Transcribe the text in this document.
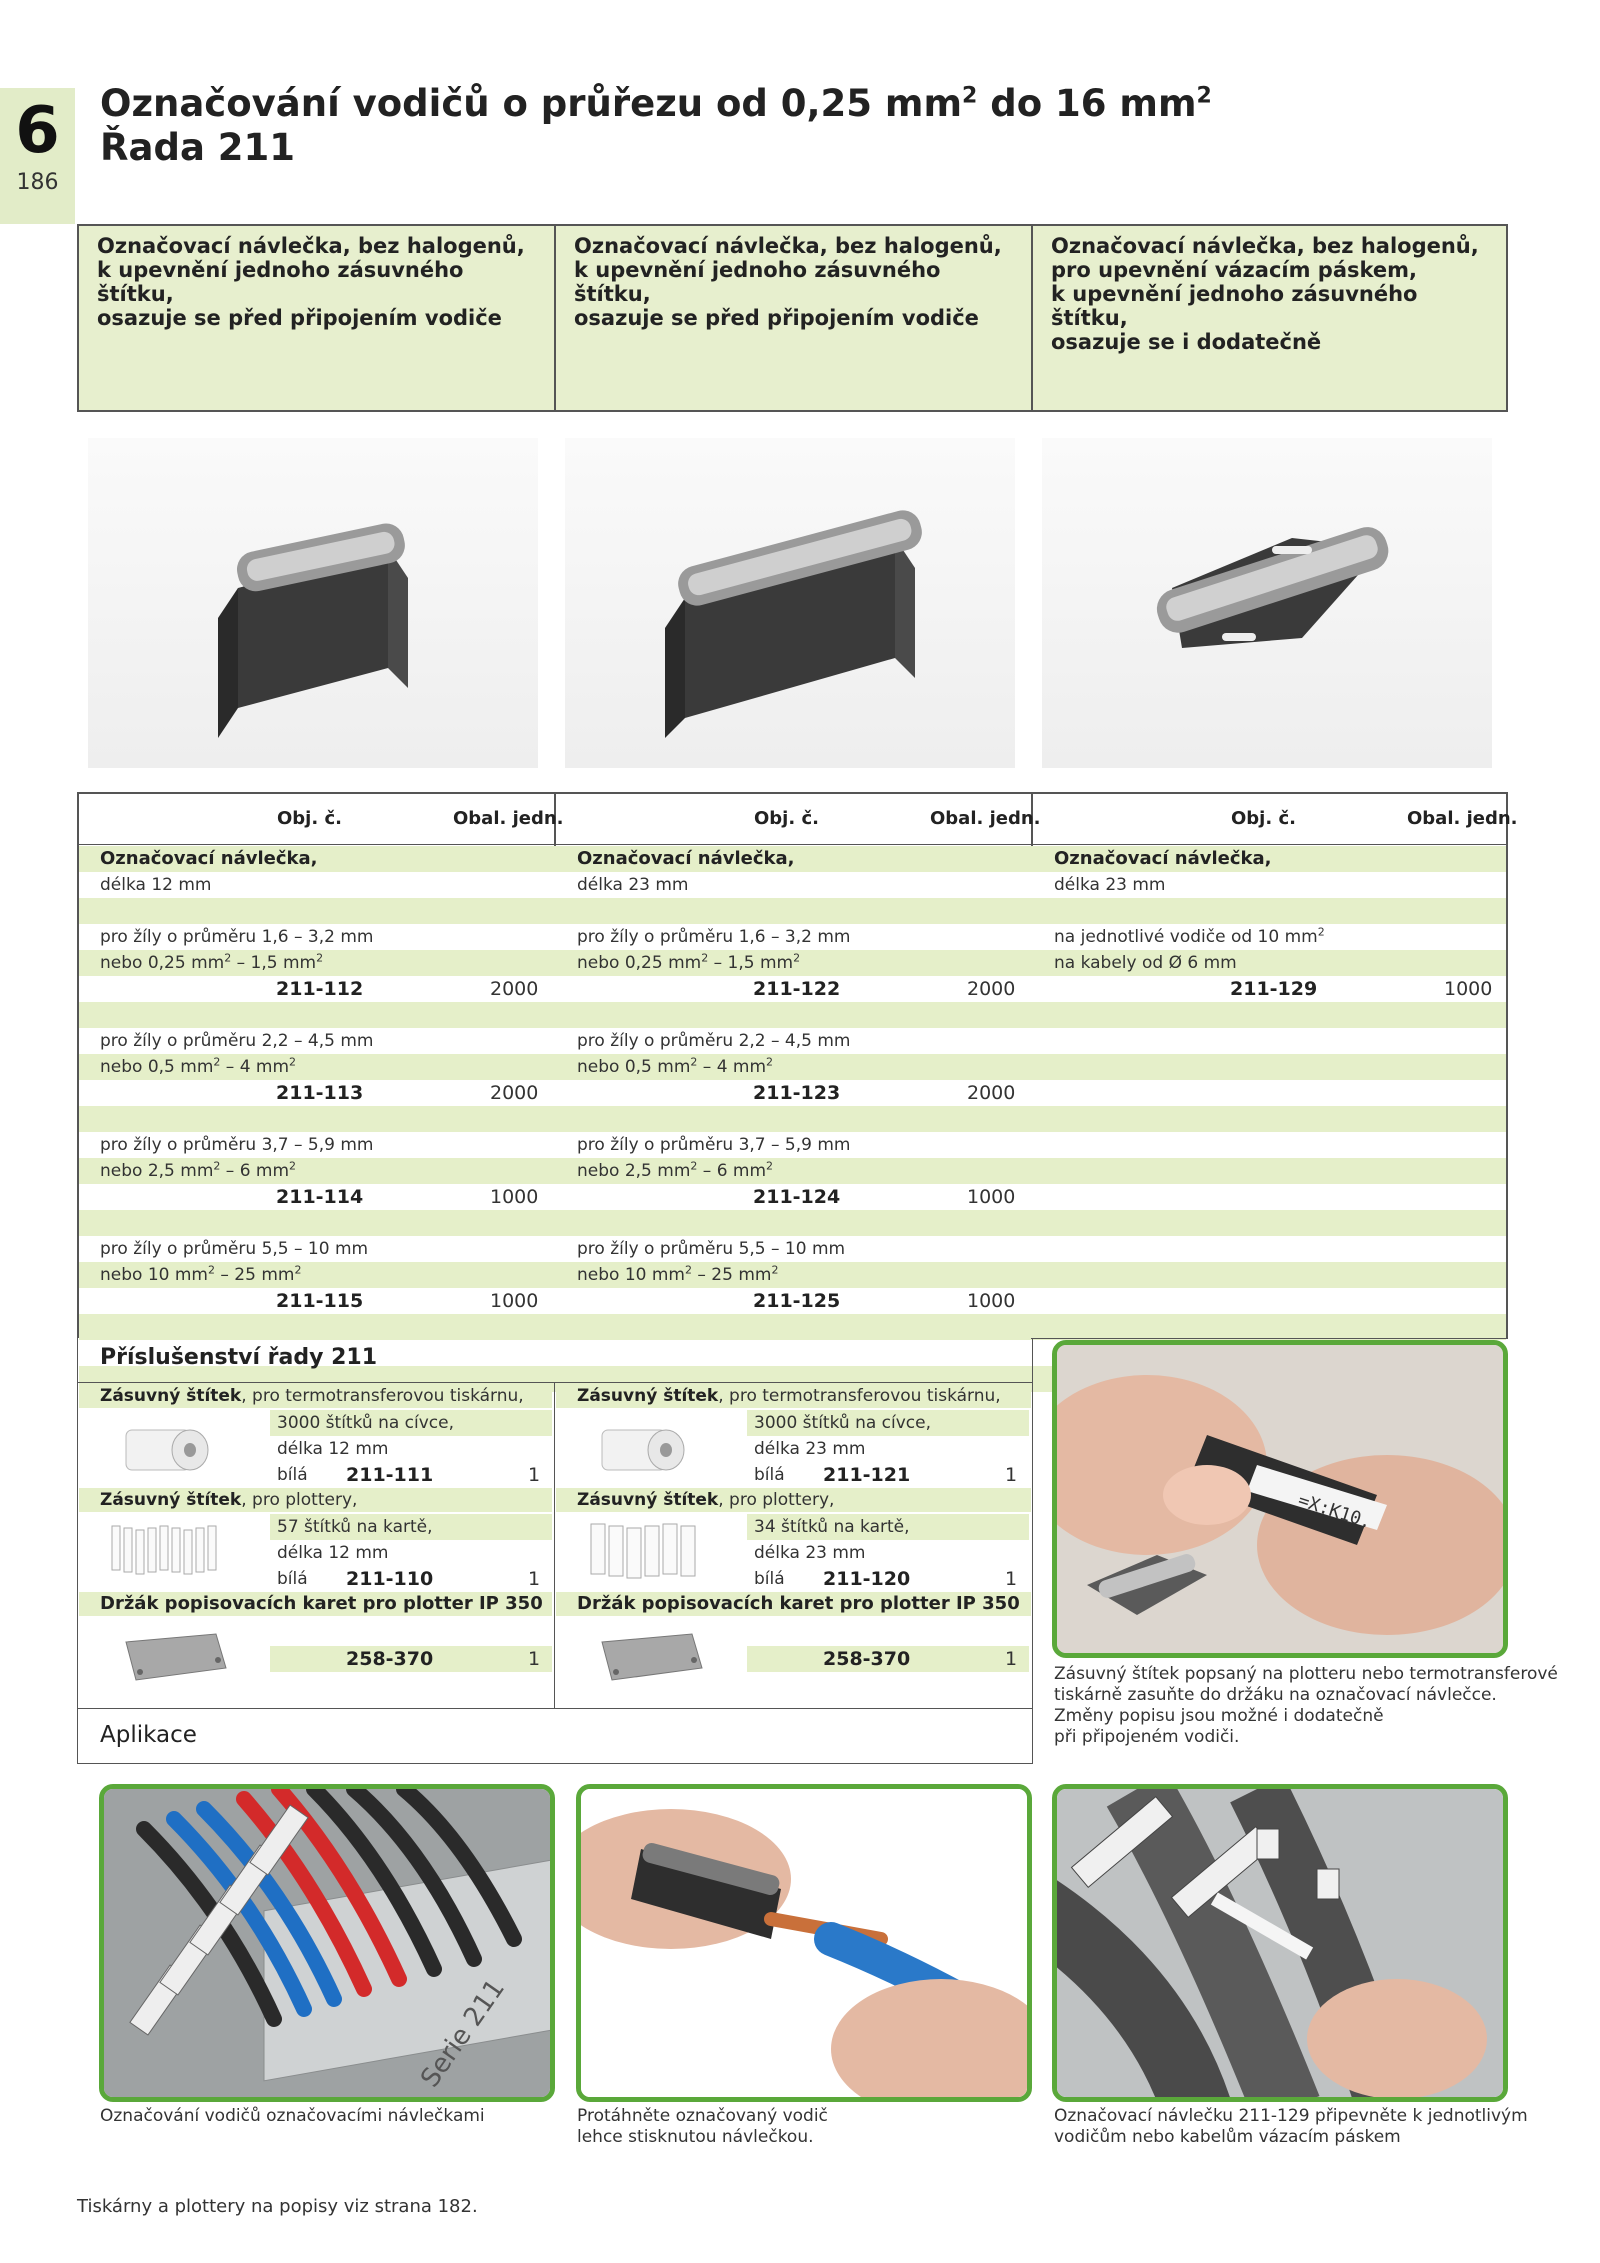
6
186
Označování vodičů o průřezu od 0,25 $mm^2$ do 16 $mm^2$
Řada 211
Označovací návlečka, bez halogenů,
k upevnění jednoho zásuvného štítku,
osazuje se před připojením vodiče
Označovací návlečka, bez halogenů,
k upevnění jednoho zásuvného štítku,
osazuje se před připojením vodiče
Označovací návlečka, bez halogenů,
pro upevnění vázacím páskem,
k upevnění jednoho zásuvného štítku,
osazuje se i dodatečně
Obj. č.	Obal. jedn.	Obj. č.	Obal. jedn.	Obj. č.	Obal. jedn.
Označovací návlečka,
délka 12 mm
pro žíly o průměru 1,6 – 3,2 mm
nebo 0,25 $mm^2 - 1,5$ $mm^2$
211-112	2000
pro žíly o průměru 2,2 – 4,5 mm
nebo 0,5 $mm^2 - 4$ $mm^2$
211-113	2000
pro žíly o průměru 3,7 – 5,9 mm
nebo 2,5 $mm^2 - 6$ $mm^2$
211-114	1000
pro žíly o průměru 5,5 – 10 mm
nebo 10 $mm^2 - 25$ $mm^2$
211-115	1000
Označovací návlečka,
délka 23 mm
pro žíly o průměru 1,6 – 3,2 mm
nebo 0,25 $mm^2 - 1,5$ $mm^2$
211-122	2000
pro žíly o průměru 2,2 – 4,5 mm
nebo 0,5 $mm^2 - 4$ $mm^2$
211-123	2000
pro žíly o průměru 3,7 – 5,9 mm
nebo 2,5 $mm^2 - 6$ $mm^2$
211-124	1000
pro žíly o průměru 5,5 – 10 mm
nebo 10 $mm^2 - 25$ $mm^2$
211-125	1000
Označovací návlečka,
délka 23 mm
na jednotlivé vodiče od 10 $mm^2$
na kabely od Ø 6 mm
211-129	1000
Příslušenství řady 211
Zásuvný štítek, pro termotransferovou tiskárnu,
3000 štítků na cívce,
délka 12 mm
bílá 211-111	1
Zásuvný štítek, pro plottery,
57 štítků na kartě,
délka 12 mm
bílá 211-110	1
Držák popisovacích karet pro plotter IP 350
258-370	1
Zásuvný štítek, pro termotransferovou tiskárnu,
3000 štítků na cívce,
délka 23 mm
bílá 211-121	1
Zásuvný štítek, pro plottery,
34 štítků na kartě,
délka 23 mm
bílá 211-120	1
Držák popisovacích karet pro plotter IP 350
258-370	1
Aplikace
=X:K10.
Zásuvný štítek popsaný na plotteru nebo termotransferové
tiskárně zasuňte do držáku na označovací návlečce.
Změny popisu jsou možné i dodatečně
při připojeném vodiči.
Serie 211
Označování vodičů označovacími návlečkami	Protáhněte označovaný vodič
lehce stisknutou návlečkou.
Označovací návlečku 211-129 připevněte k jednotlivým
vodičům nebo kabelům vázacím páskem
Tiskárny a plottery na popisy viz strana 182.
